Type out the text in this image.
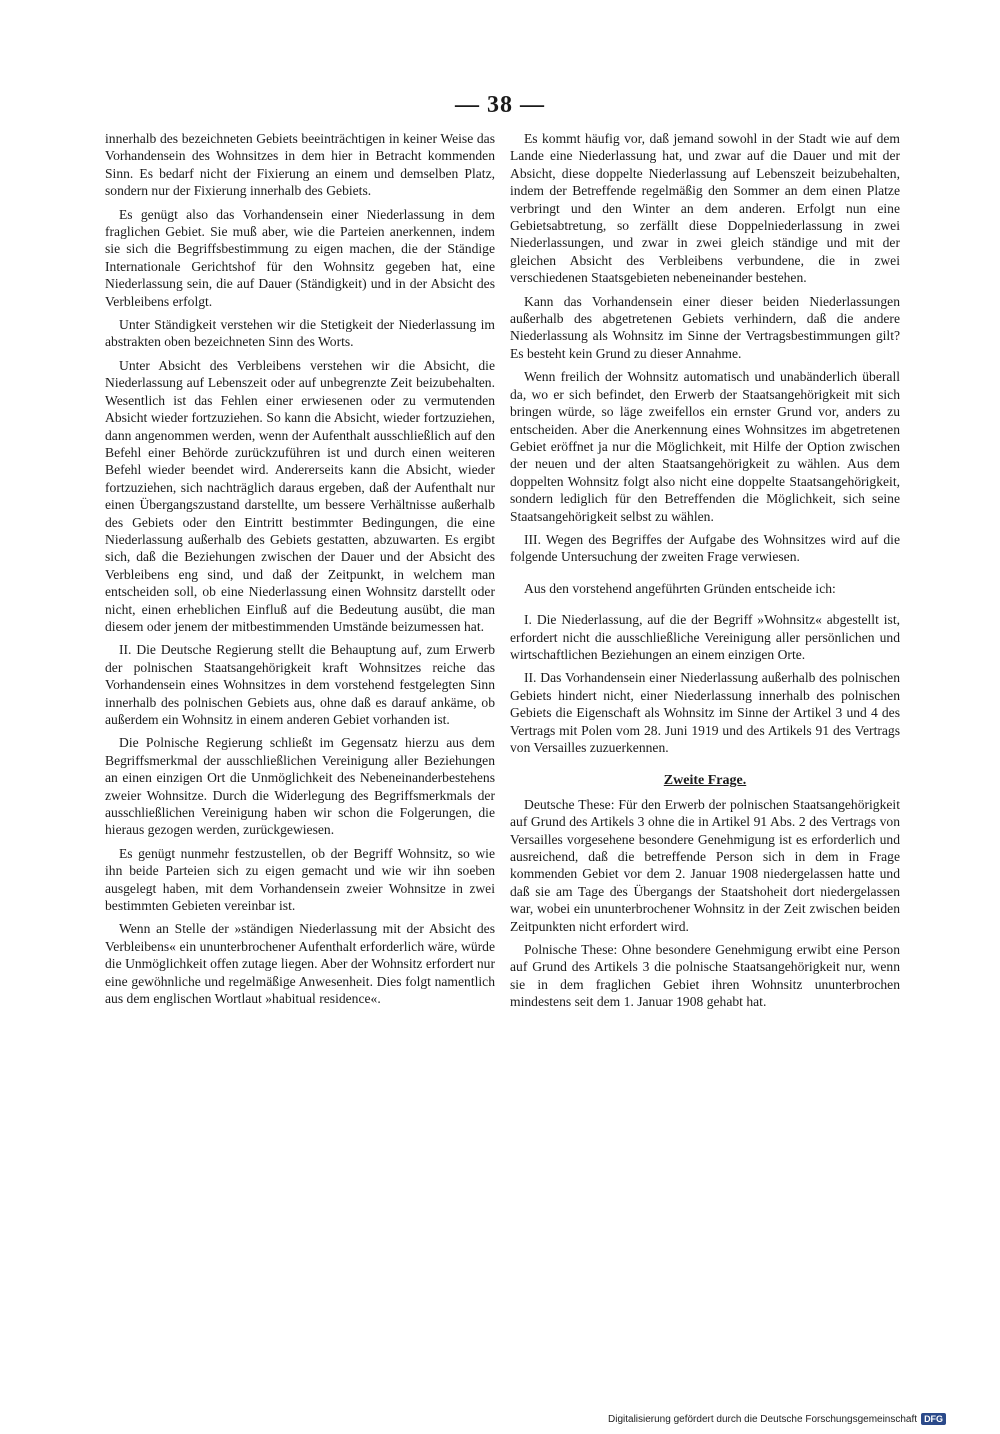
— 38 —

innerhalb des bezeichneten Gebiets beeinträchtigen in keiner Weise das Vorhandensein des Wohnsitzes in dem hier in Betracht kommenden Sinn. Es bedarf nicht der Fixierung an einem und demselben Platz, sondern nur der Fixierung innerhalb des Gebiets.

Es genügt also das Vorhandensein einer Niederlassung in dem fraglichen Gebiet. Sie muß aber, wie die Parteien anerkennen, indem sie sich die Begriffsbestimmung zu eigen machen, die der Ständige Internationale Gerichtshof für den Wohnsitz gegeben hat, eine Niederlassung sein, die auf Dauer (Ständigkeit) und in der Absicht des Verbleibens erfolgt.

Unter Ständigkeit verstehen wir die Stetigkeit der Niederlassung im abstrakten oben bezeichneten Sinn des Worts.

Unter Absicht des Verbleibens verstehen wir die Absicht, die Niederlassung auf Lebenszeit oder auf unbegrenzte Zeit beizubehalten. Wesentlich ist das Fehlen einer erwiesenen oder zu vermutenden Absicht wieder fortzuziehen. So kann die Absicht, wieder fortzuziehen, dann angenommen werden, wenn der Aufenthalt ausschließlich auf den Befehl einer Behörde zurückzuführen ist und durch einen weiteren Befehl wieder beendet wird. Andererseits kann die Absicht, wieder fortzuziehen, sich nachträglich daraus ergeben, daß der Aufenthalt nur einen Übergangszustand darstellte, um bessere Verhältnisse außerhalb des Gebiets oder den Eintritt bestimmter Bedingungen, die eine Niederlassung außerhalb des Gebiets gestatten, abzuwarten. Es ergibt sich, daß die Beziehungen zwischen der Dauer und der Absicht des Verbleibens eng sind, und daß der Zeitpunkt, in welchem man entscheiden soll, ob eine Niederlassung einen Wohnsitz darstellt oder nicht, einen erheblichen Einfluß auf die Bedeutung ausübt, die man diesem oder jenem der mitbestimmenden Umstände beizumessen hat.

II. Die Deutsche Regierung stellt die Behauptung auf, zum Erwerb der polnischen Staatsangehörigkeit kraft Wohnsitzes reiche das Vorhandensein eines Wohnsitzes in dem vorstehend festgelegten Sinn innerhalb des polnischen Gebiets aus, ohne daß es darauf ankäme, ob außerdem ein Wohnsitz in einem anderen Gebiet vorhanden ist.

Die Polnische Regierung schließt im Gegensatz hierzu aus dem Begriffsmerkmal der ausschließlichen Vereinigung aller Beziehungen an einen einzigen Ort die Unmöglichkeit des Nebeneinanderbestehens zweier Wohnsitze. Durch die Widerlegung des Begriffsmerkmals der ausschließlichen Vereinigung haben wir schon die Folgerungen, die hieraus gezogen werden, zurückgewiesen.

Es genügt nunmehr festzustellen, ob der Begriff Wohnsitz, so wie ihn beide Parteien sich zu eigen gemacht und wie wir ihn soeben ausgelegt haben, mit dem Vorhandensein zweier Wohnsitze in zwei bestimmten Gebieten vereinbar ist.

Wenn an Stelle der »ständigen Niederlassung mit der Absicht des Verbleibens« ein ununterbrochener Aufenthalt erforderlich wäre, würde die Unmöglichkeit offen zutage liegen. Aber der Wohnsitz erfordert nur eine gewöhnliche und regelmäßige Anwesenheit. Dies folgt namentlich aus dem englischen Wortlaut »habitual residence«.

Es kommt häufig vor, daß jemand sowohl in der Stadt wie auf dem Lande eine Niederlassung hat, und zwar auf die Dauer und mit der Absicht, diese doppelte Niederlassung auf Lebenszeit beizubehalten, indem der Betreffende regelmäßig den Sommer an dem einen Platze verbringt und den Winter an dem anderen. Erfolgt nun eine Gebietsabtretung, so zerfällt diese Doppelniederlassung in zwei Niederlassungen, und zwar in zwei gleich ständige und mit der gleichen Absicht des Verbleibens verbundene, die in zwei verschiedenen Staatsgebieten nebeneinander bestehen.

Kann das Vorhandensein einer dieser beiden Niederlassungen außerhalb des abgetretenen Gebiets verhindern, daß die andere Niederlassung als Wohnsitz im Sinne der Vertragsbestimmungen gilt? Es besteht kein Grund zu dieser Annahme.

Wenn freilich der Wohnsitz automatisch und unabänderlich überall da, wo er sich befindet, den Erwerb der Staatsangehörigkeit mit sich bringen würde, so läge zweifellos ein ernster Grund vor, anders zu entscheiden. Aber die Anerkennung eines Wohnsitzes im abgetretenen Gebiet eröffnet ja nur die Möglichkeit, mit Hilfe der Option zwischen der neuen und der alten Staatsangehörigkeit zu wählen. Aus dem doppelten Wohnsitz folgt also nicht eine doppelte Staatsangehörigkeit, sondern lediglich für den Betreffenden die Möglichkeit, sich seine Staatsangehörigkeit selbst zu wählen.

III. Wegen des Begriffes der Aufgabe des Wohnsitzes wird auf die folgende Untersuchung der zweiten Frage verwiesen.

Aus den vorstehend angeführten Gründen entscheide ich:

I. Die Niederlassung, auf die der Begriff »Wohnsitz« abgestellt ist, erfordert nicht die ausschließliche Vereinigung aller persönlichen und wirtschaftlichen Beziehungen an einem einzigen Orte.

II. Das Vorhandensein einer Niederlassung außerhalb des polnischen Gebiets hindert nicht, einer Niederlassung innerhalb des polnischen Gebiets die Eigenschaft als Wohnsitz im Sinne der Artikel 3 und 4 des Vertrags mit Polen vom 28. Juni 1919 und des Artikels 91 des Vertrags von Versailles zuzuerkennen.

Zweite Frage.

Deutsche These: Für den Erwerb der polnischen Staatsangehörigkeit auf Grund des Artikels 3 ohne die in Artikel 91 Abs. 2 des Vertrags von Versailles vorgesehene besondere Genehmigung ist es erforderlich und ausreichend, daß die betreffende Person sich in dem in Frage kommenden Gebiet vor dem 2. Januar 1908 niedergelassen hatte und daß sie am Tage des Übergangs der Staatshoheit dort niedergelassen war, wobei ein ununterbrochener Wohnsitz in der Zeit zwischen beiden Zeitpunkten nicht erfordert wird.

Polnische These: Ohne besondere Genehmigung erwibt eine Person auf Grund des Artikels 3 die polnische Staatsangehörigkeit nur, wenn sie in dem fraglichen Gebiet ihren Wohnsitz ununterbrochen mindestens seit dem 1. Januar 1908 gehabt hat.

Digitalisierung gefördert durch die Deutsche Forschungsgemeinschaft DFG
